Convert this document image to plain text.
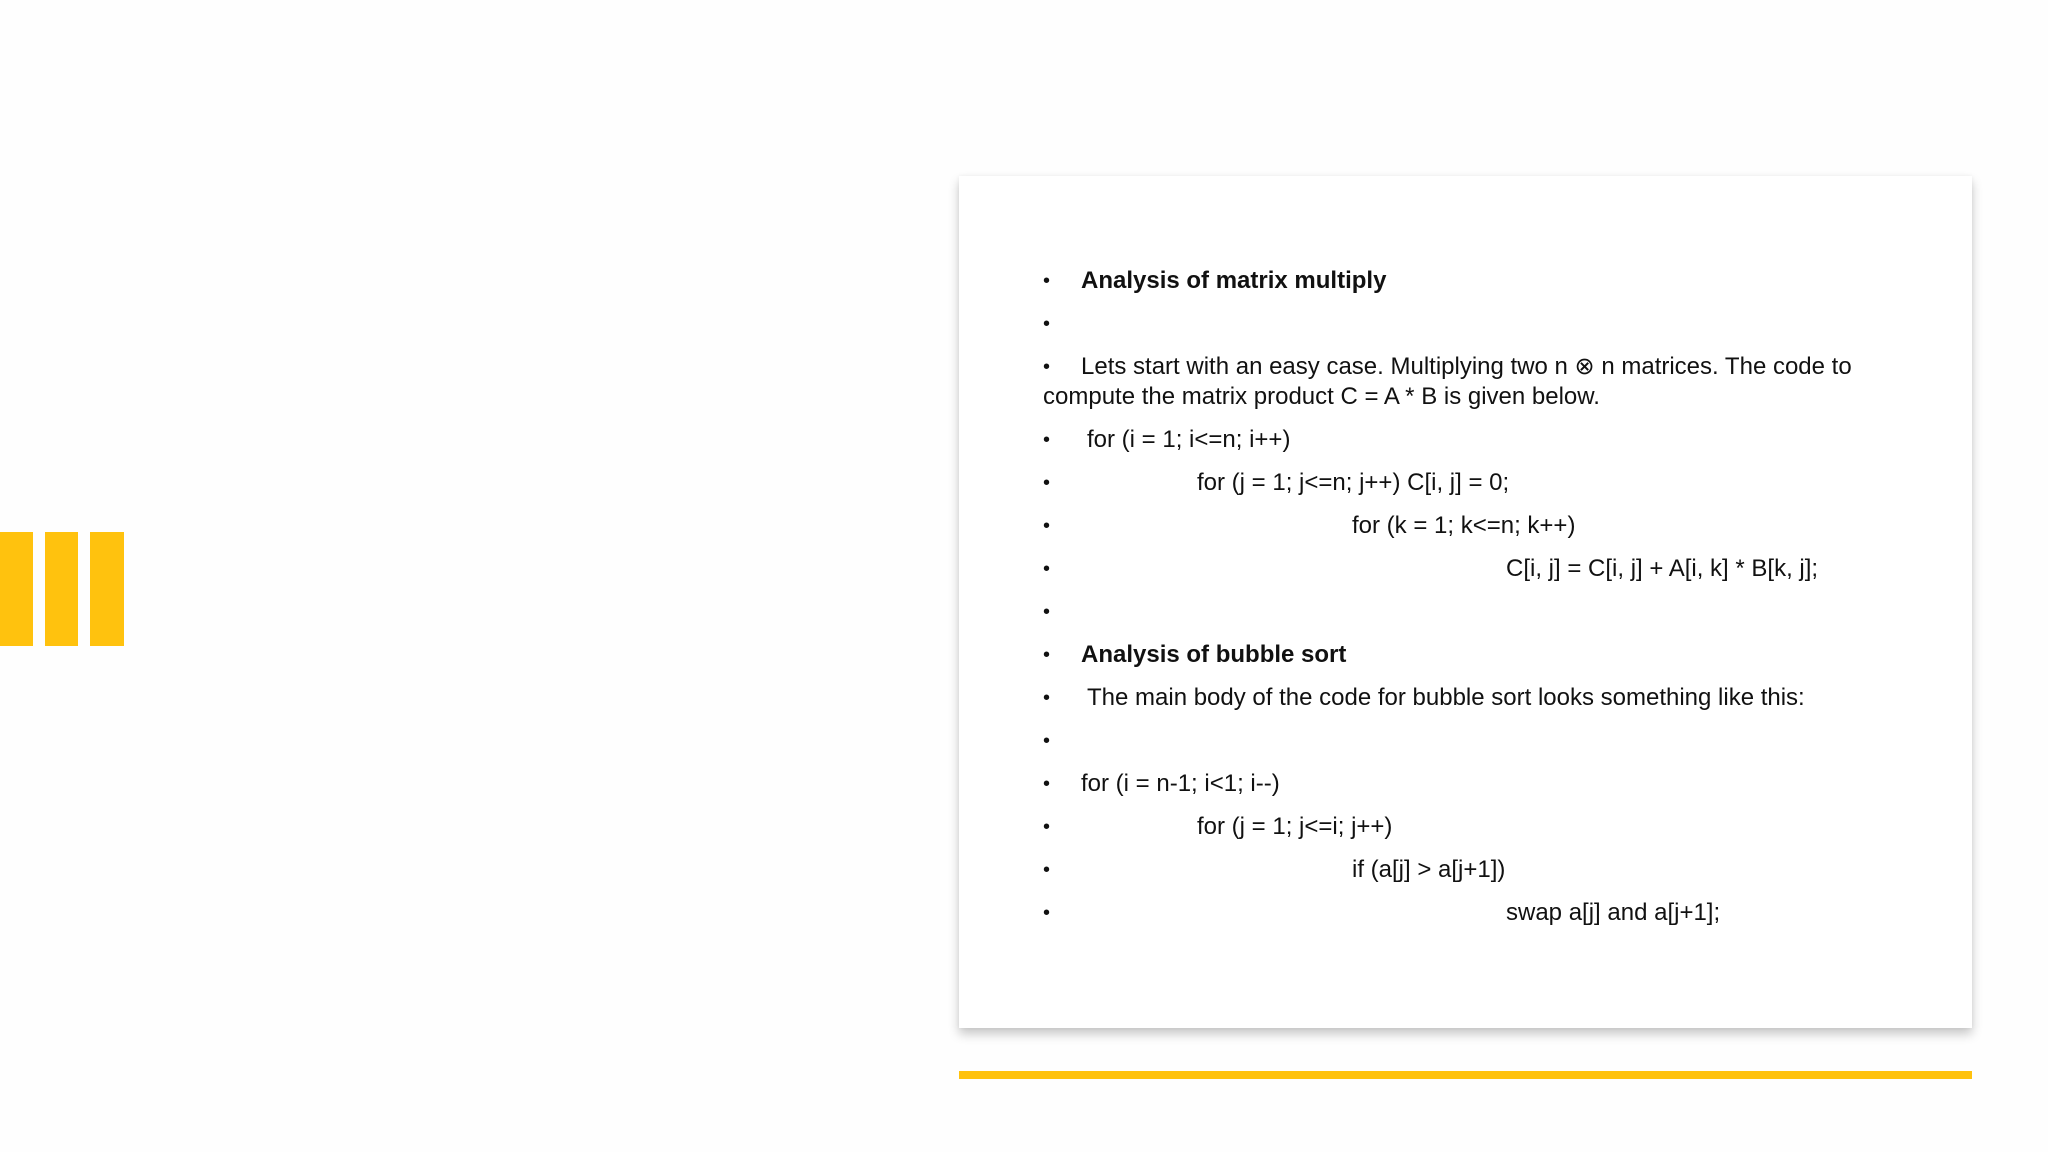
•	Analysis of matrix multiply
•
•	Lets start with an easy case. Multiplying two n ⊗ n matrices. The code to compute the matrix product C = A * B is given below.
•	for (i = 1; i<=n; i++)
•	for (j = 1; j<=n; j++) C[i, j] = 0;
•	for (k = 1; k<=n; k++)
•	C[i, j] = C[i, j] + A[i, k] * B[k, j];
•
•	Analysis of bubble sort
•	The main body of the code for bubble sort looks something like this:
•
•	for (i = n-1; i<1; i--)
•	for (j = 1; j<=i; j++)
•	if (a[j] > a[j+1])
•	swap a[j] and a[j+1];
